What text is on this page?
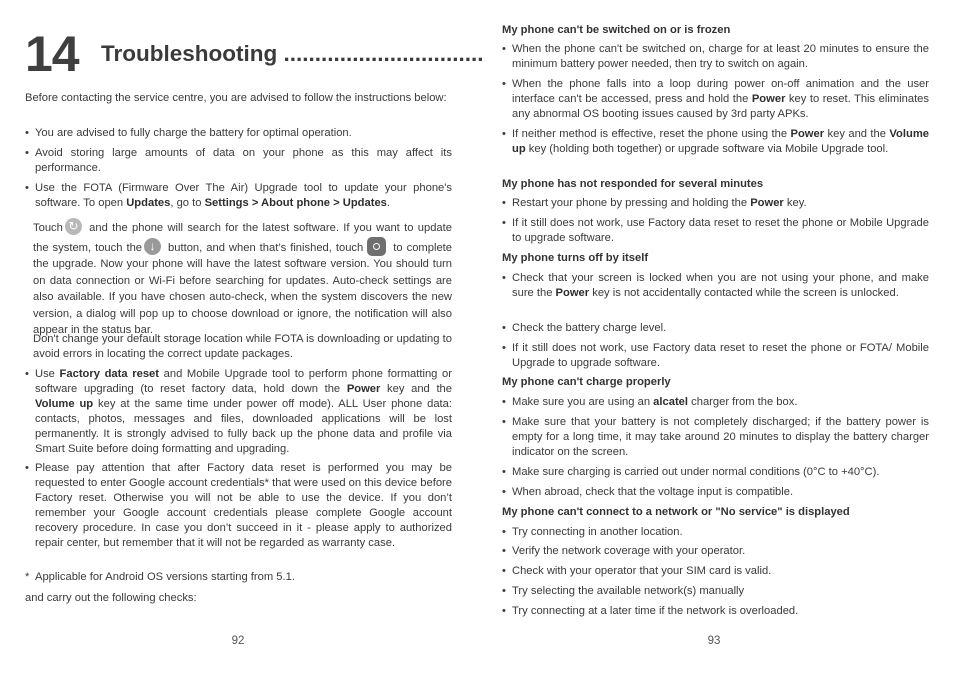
14 Troubleshooting ................................

Before contacting the service centre, you are advised to follow the instructions below:

• You are advised to fully charge the battery for optimal operation.

• Avoid storing large amounts of data on your phone as this may affect its performance.

• Use the FOTA (Firmware Over The Air) Upgrade tool to update your phone's software. To open Updates, go to Settings > About phone > Updates.

Touch↻ and the phone will search for the latest software. If you want to update the system, touch the↓ button, and when that’s finished, touch  to complete the upgrade. Now your phone will have the latest software version. You should turn on data connection or Wi-Fi before searching for updates. Auto-check settings are also available. If you have chosen auto-check, when the system discovers the new version, a dialog will pop up to choose download or ignore, the notification will also appear in the status bar.

Don't change your default storage location while FOTA is downloading or updating to avoid errors in locating the correct update packages.

• Use Factory data reset and Mobile Upgrade tool to perform phone formatting or software upgrading (to reset factory data, hold down the Power key and the Volume up key at the same time under power off mode). ALL User phone data: contacts, photos, messages and files, downloaded applications will be lost permanently. It is strongly advised to fully back up the phone data and profile via Smart Suite before doing formatting and upgrading.

• Please pay attention that after Factory data reset is performed you may be requested to enter Google account credentials* that were used on this device before Factory reset. Otherwise you will not be able to use the device. If you don’t remember your Google account credentials please complete Google account recovery procedure. In case you don’t succeed in it - please apply to authorized repair center, but remember that it will not be regarded as warranty case.

* Applicable for Android OS versions starting from 5.1.

and carry out the following checks:

92

My phone can't be switched on or is frozen

• When the phone can't be switched on, charge for at least 20 minutes to ensure the minimum battery power needed, then try to switch on again.

• When the phone falls into a loop during power on-off animation and the user interface can't be accessed, press and hold the Power key to reset. This eliminates any abnormal OS booting issues caused by 3rd party APKs.

• If neither method is effective, reset the phone using the Power key and the Volume up key (holding both together) or upgrade software via Mobile Upgrade tool.

My phone has not responded for several minutes

• Restart your phone by pressing and holding the Power key.

• If it still does not work, use Factory data reset to reset the phone or Mobile Upgrade to upgrade software.

My phone turns off by itself

• Check that your screen is locked when you are not using your phone, and make sure the Power key is not accidentally contacted while the screen is unlocked.

• Check the battery charge level.

• If it still does not work, use Factory data reset to reset the phone or FOTA/ Mobile Upgrade to upgrade software.

My phone can't charge properly

• Make sure you are using an alcatel charger from the box.

• Make sure that your battery is not completely discharged; if the battery power is empty for a long time, it may take around 20 minutes to display the battery charger indicator on the screen.

• Make sure charging is carried out under normal conditions (0°C to +40°C).

• When abroad, check that the voltage input is compatible.

My phone can't connect to a network or "No service" is displayed

• Try connecting in another location.

• Verify the network coverage with your operator.

• Check with your operator that your SIM card is valid.

• Try selecting the available network(s) manually

• Try connecting at a later time if the network is overloaded.

93
